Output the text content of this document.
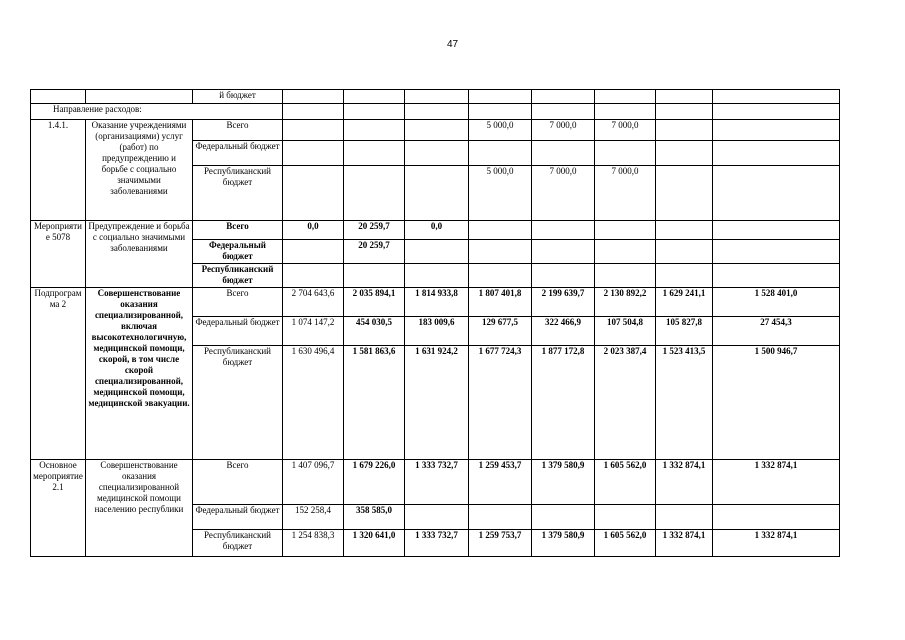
47
		й бюджет								
Направление расходов:										
1.4.1.	Оказание учреждениями (организациями) услуг (работ) по предупреждению и борьбе с социально значимыми заболеваниями	Всего				5 000,0	7 000,0	7 000,0		
		Федеральный бюджет								
		Республиканский бюджет				5 000,0	7 000,0	7 000,0		
Мероприятие 5078	Предупреждение и борьба с социально значимыми заболеваниями	Всего	0,0	20 259,7	0,0					
		Федеральный бюджет		20 259,7						
		Республиканский бюджет								
Подпрограмма 2	Совершенствование оказания специализированной, включая высокотехнологичную, медицинской помощи, скорой, в том числе скорой специализированной, медицинской помощи, медицинской эвакуации.	Всего	2 704 643,6	2 035 894,1	1 814 933,8	1 807 401,8	2 199 639,7	2 130 892,2	1 629 241,1	1 528 401,0
		Федеральный бюджет	1 074 147,2	454 030,5	183 009,6	129 677,5	322 466,9	107 504,8	105 827,8	27 454,3
		Республиканский бюджет	1 630 496,4	1 581 863,6	1 631 924,2	1 677 724,3	1 877 172,8	2 023 387,4	1 523 413,5	1 500 946,7
Основное мероприятие 2.1	Совершенствование оказания специализированной медицинской помощи населению республики	Всего	1 407 096,7	1 679 226,0	1 333 732,7	1 259 453,7	1 379 580,9	1 605 562,0	1 332 874,1	1 332 874,1
		Федеральный бюджет	152 258,4	358 585,0						
		Республиканский бюджет	1 254 838,3	1 320 641,0	1 333 732,7	1 259 753,7	1 379 580,9	1 605 562,0	1 332 874,1	1 332 874,1
